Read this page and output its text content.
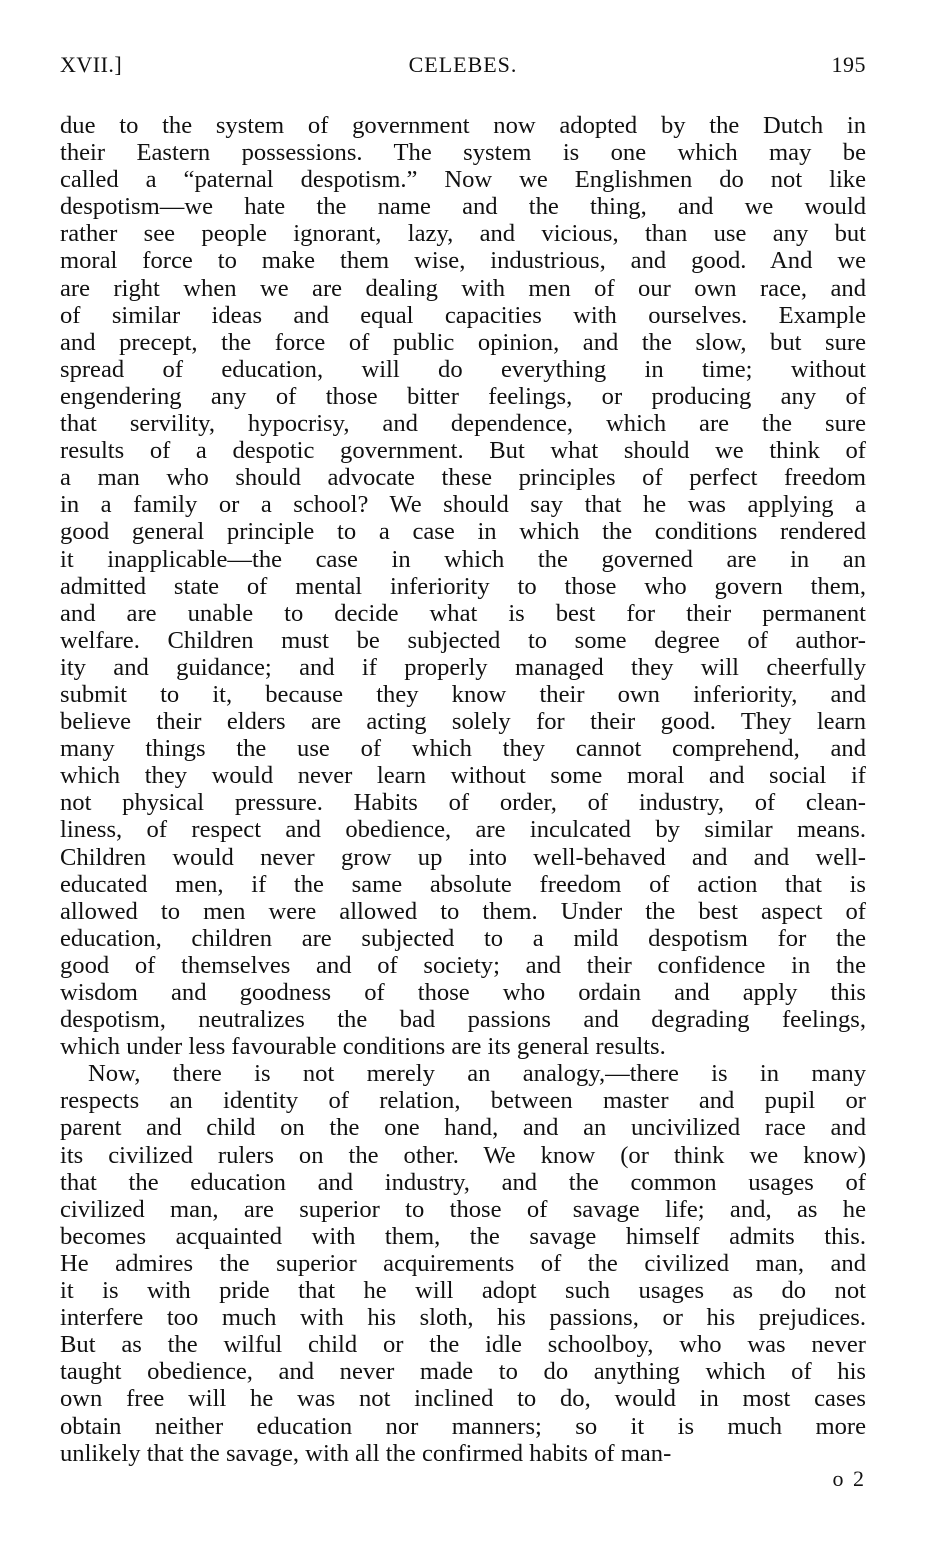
XVII.]	CELEBES.	195
due to the system of government now adopted by the Dutch in
their Eastern possessions. The system is one which may be
called a “paternal despotism.” Now we Englishmen do not like
despotism—we hate the name and the thing, and we would
rather see people ignorant, lazy, and vicious, than use any but
moral force to make them wise, industrious, and good. And we
are right when we are dealing with men of our own race, and
of similar ideas and equal capacities with ourselves. Example
and precept, the force of public opinion, and the slow, but sure
spread of education, will do everything in time; without
engendering any of those bitter feelings, or producing any of
that servility, hypocrisy, and dependence, which are the sure
results of a despotic government. But what should we think of
a man who should advocate these principles of perfect freedom
in a family or a school? We should say that he was applying a
good general principle to a case in which the conditions rendered
it inapplicable—the case in which the governed are in an
admitted state of mental inferiority to those who govern them,
and are unable to decide what is best for their permanent
welfare. Children must be subjected to some degree of author-
ity and guidance; and if properly managed they will cheerfully
submit to it, because they know their own inferiority, and
believe their elders are acting solely for their good. They learn
many things the use of which they cannot comprehend, and
which they would never learn without some moral and social if
not physical pressure. Habits of order, of industry, of clean-
liness, of respect and obedience, are inculcated by similar means.
Children would never grow up into well-behaved and and well-
educated men, if the same absolute freedom of action that is
allowed to men were allowed to them. Under the best aspect of
education, children are subjected to a mild despotism for the
good of themselves and of society; and their confidence in the
wisdom and goodness of those who ordain and apply this
despotism, neutralizes the bad passions and degrading feelings,
which under less favourable conditions are its general results.
Now, there is not merely an analogy,—there is in many
respects an identity of relation, between master and pupil or
parent and child on the one hand, and an uncivilized race and
its civilized rulers on the other. We know (or think we know)
that the education and industry, and the common usages of
civilized man, are superior to those of savage life; and, as he
becomes acquainted with them, the savage himself admits this.
He admires the superior acquirements of the civilized man, and
it is with pride that he will adopt such usages as do not
interfere too much with his sloth, his passions, or his prejudices.
But as the wilful child or the idle schoolboy, who was never
taught obedience, and never made to do anything which of his
own free will he was not inclined to do, would in most cases
obtain neither education nor manners; so it is much more
unlikely that the savage, with all the confirmed habits of man-
o 2
